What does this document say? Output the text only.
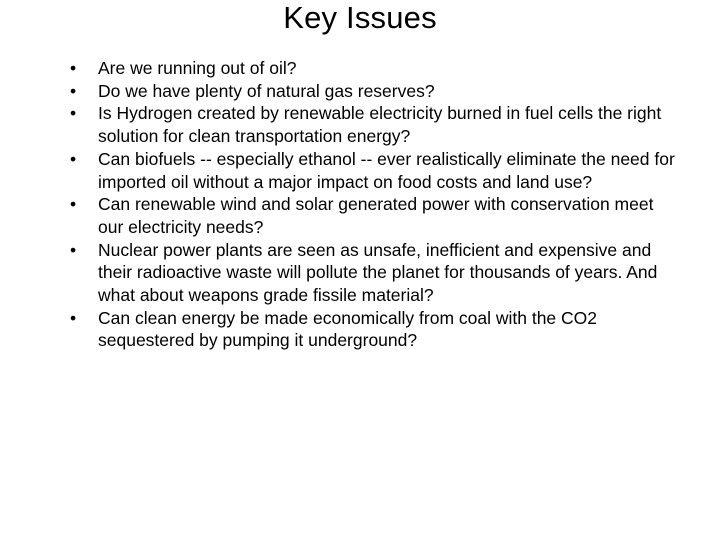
Key Issues
• Are we running out of oil?
• Do we have plenty of natural gas reserves?
• Is Hydrogen created by renewable electricity burned in fuel cells the right solution for clean transportation energy?
• Can biofuels -- especially ethanol -- ever realistically eliminate the need for imported oil without a major impact on food costs and land use?
• Can renewable wind and solar generated power with conservation meet our electricity needs?
• Nuclear power plants are seen as unsafe, inefficient and expensive and their radioactive waste will pollute the planet for thousands of years. And what about weapons grade fissile material?
• Can clean energy be made economically from coal with the CO2 sequestered by pumping it underground?
